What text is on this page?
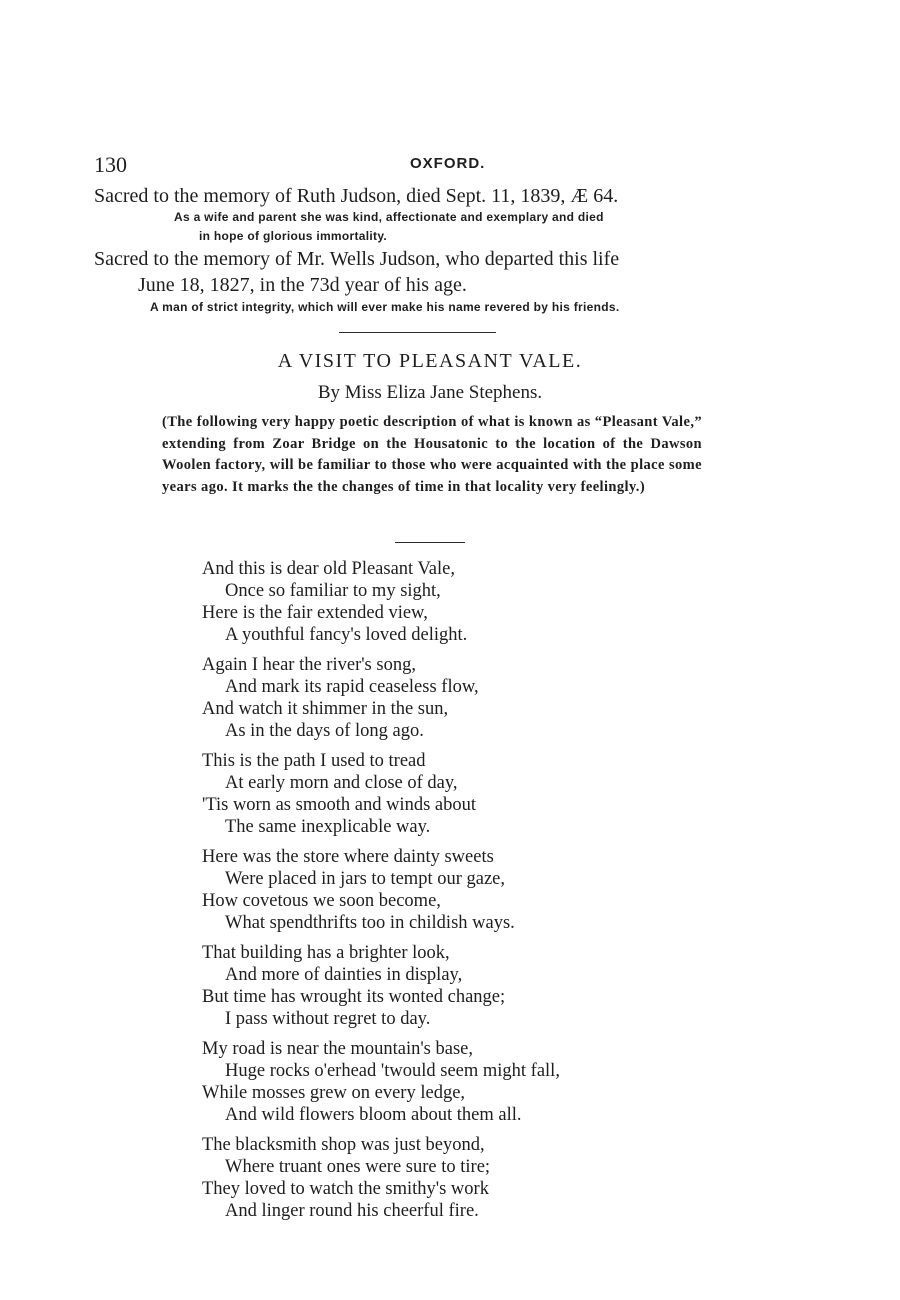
130	OXFORD.
Sacred to the memory of Ruth Judson, died Sept. 11, 1839, Æ 64.
As a wife and parent she was kind, affectionate and exemplary and died
in hope of glorious immortality.
Sacred to the memory of Mr. Wells Judson, who departed this life
June 18, 1827, in the 73d year of his age.
A man of strict integrity, which will ever make his name revered by his friends.
A VISIT TO PLEASANT VALE.
By Miss Eliza Jane Stephens.
(The following very happy poetic description of what is known as “Pleasant Vale,” extending from Zoar Bridge on the Housatonic to the location of the Dawson Woolen factory, will be familiar to those who were acquainted with the place some years ago. It marks the the changes of time in that locality very feelingly.)
And this is dear old Pleasant Vale,
Once so familiar to my sight,
Here is the fair extended view,
A youthful fancy's loved delight.
Again I hear the river's song,
And mark its rapid ceaseless flow,
And watch it shimmer in the sun,
As in the days of long ago.
This is the path I used to tread
At early morn and close of day,
'Tis worn as smooth and winds about
The same inexplicable way.
Here was the store where dainty sweets
Were placed in jars to tempt our gaze,
How covetous we soon become,
What spendthrifts too in childish ways.
That building has a brighter look,
And more of dainties in display,
But time has wrought its wonted change;
I pass without regret to day.
My road is near the mountain's base,
Huge rocks o'erhead 'twould seem might fall,
While mosses grew on every ledge,
And wild flowers bloom about them all.
The blacksmith shop was just beyond,
Where truant ones were sure to tire;
They loved to watch the smithy's work
And linger round his cheerful fire.
